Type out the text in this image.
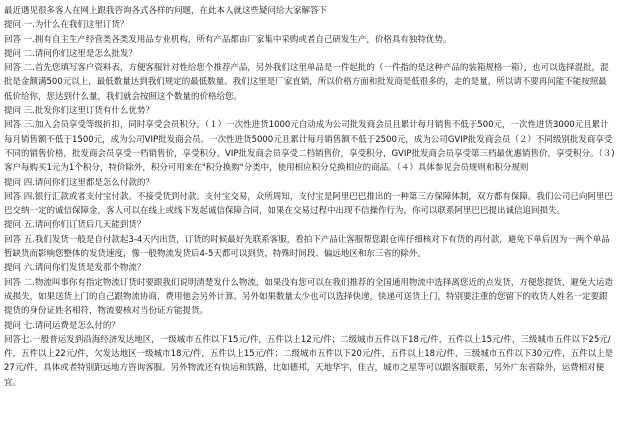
最近遇见很多客人在网上跟我咨询各式各样的问题，在此本人就这些疑问给大家解答下
提问 一.为什么在我们这里订货？
回答 一.拥有自主生产经营类各类发用品专业机构，所有产品都由厂家集中采购或者自己研发生产，价格具有独特优势。
提问 二.请问你们这里是怎么批发？
回答 二.首先您填写客户资料表，方便客服针对性给您个推荐产品，另外我们这里单品是一件起批的（一件指的是这种产品的装箱规格一箱），也可以选择混批，混批是金额满500元以上，最低数量达到我们规定的最低数量。我们这里是厂家直销，所以价格方面和批发商是低很多的，走的是量，所以请不要再问能不能按照最低价给你，您达到什么量，我们就会按照这个数量的价格给您。
提问 三.批发你们这里订货有什么优势？
回答 三.加入会员享受等级折扣，同时享受会员积分。（１）一次性进货1000元自动成为公司批发商会员且累计每月销售不低于500元，一次性进货3000元且累计每月销售额不低于1500元，成为公司VIP批发商会员。一次性进货5000元且累计每月销售额不低于2500元，成为公司GVIP批发商会员（２）不同级别批发商享受不同的销售价格，批发商会员享受一档销售价，享受积分。VIP批发商会员享受二档销售价，享受积分，GVIP批发商会员享受第三档最优惠销售价，享受积分。（３)客户每购买1元为1个积分，特价除外，积分可用来在"积分换购"分类中，使用相应积分兑换相应的商品。（４）具体参见会员规则和积分规则
提问 四.请问你们这里都是怎么付款的？
回答 四.银行汇款或者支付宝付款。不接受货到付款。支付宝交易，众所周知，支付宝是阿里巴巴推出的一种第三方保障体制，双方都有保障。我们公司已向阿里巴巴交纳一定的诚信保障金，客人可以在线上或线下发起诚信保障合同，如果在交易过程中出现不信操作行为，你可以联系阿里巴巴提出诚信追回损失。
提问 五.请问你们订货后几天能到货？
回答 五.我们发货一般是自付款起3-4天内出货，订货的时候最好先联系客服，看拍下产品让客服帮您跟仓库仔细核对下有货的再付款，避免下单后因为一两个单品暂缺货而影响您整体的发货速度，像一般物流发货后4-5天都可以到货，特殊时间段、偏远地区和东三省的除外。
提问 六.请问你们发货是发那个物流？
回答 二.物流叫事你有指定物流订货时要跟我们说明清楚发什么物流，如果没有您可以在我们推荐的全国通用物流中选择离您近的点发货，方便您提货，避免大运造成损失，如果送货上门的自己跟物流协商，费用他会另外计算。另外如果数量太少也可以选择快递，快递可送货上门，特别要注重的您留下的收货人姓名一定要跟提货的身份证姓名相符，物流要核对当份证方能提货。
提问 七.请问运费是怎么付的？
回答七.一般普运发到沿海经济发达地区，一级城市五件以下15元/件，五件以上12元/件；二级城市五件以下18元/件，五件以上15元/件，三级城市五件以下25元/件，五件以上22元/件，欠发达地区一级城市18元/件，五件以上15元/件；二级城市五件以下20元/件，五件以上18元/件，三级城市五件以下30元/件，五件以上是27元/件，具体或者特别距远地方咨询客服。另外物流还有快运和铁路，比如德邦，天地华宇，佳吉，城市之星等可以跟客服联系，另外广东省除外，运费相对便宜。
